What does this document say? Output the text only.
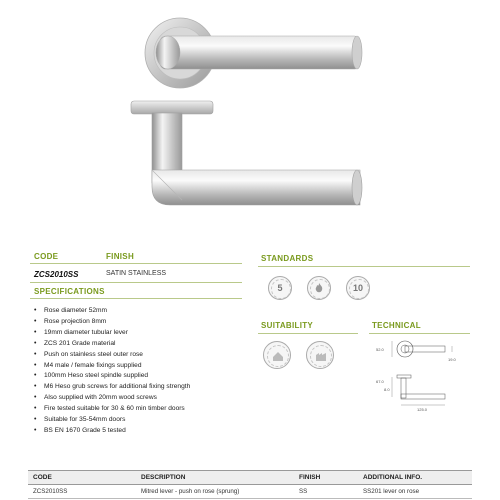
CODE	FINISH
ZCS2010SS	SATIN STAINLESS
SPECIFICATIONS
• Rose diameter 52mm
• Rose projection 8mm
• 19mm diameter tubular lever
• ZCS 201 Grade material
• Push on stainless steel outer rose
• M4 male / female fixings supplied
• 100mm Heso steel spindle supplied
• M6 Heso grub screws for additional fixing strength
• Also supplied with 20mm wood screws
• Fire tested suitable for 30 & 60 min timber doors
• Suitable for 35-54mm doors
• BS EN 1670 Grade 5 tested
STANDARDS
5	10
SUITABILITY	TECHNICAL
52.0
19.0
67.0
8.0
125.0
CODE	DESCRIPTION	FINISH	ADDITIONAL INFO.
ZCS2010SS	Mitred lever - push on rose (sprung)	SS	SS201 lever on rose
